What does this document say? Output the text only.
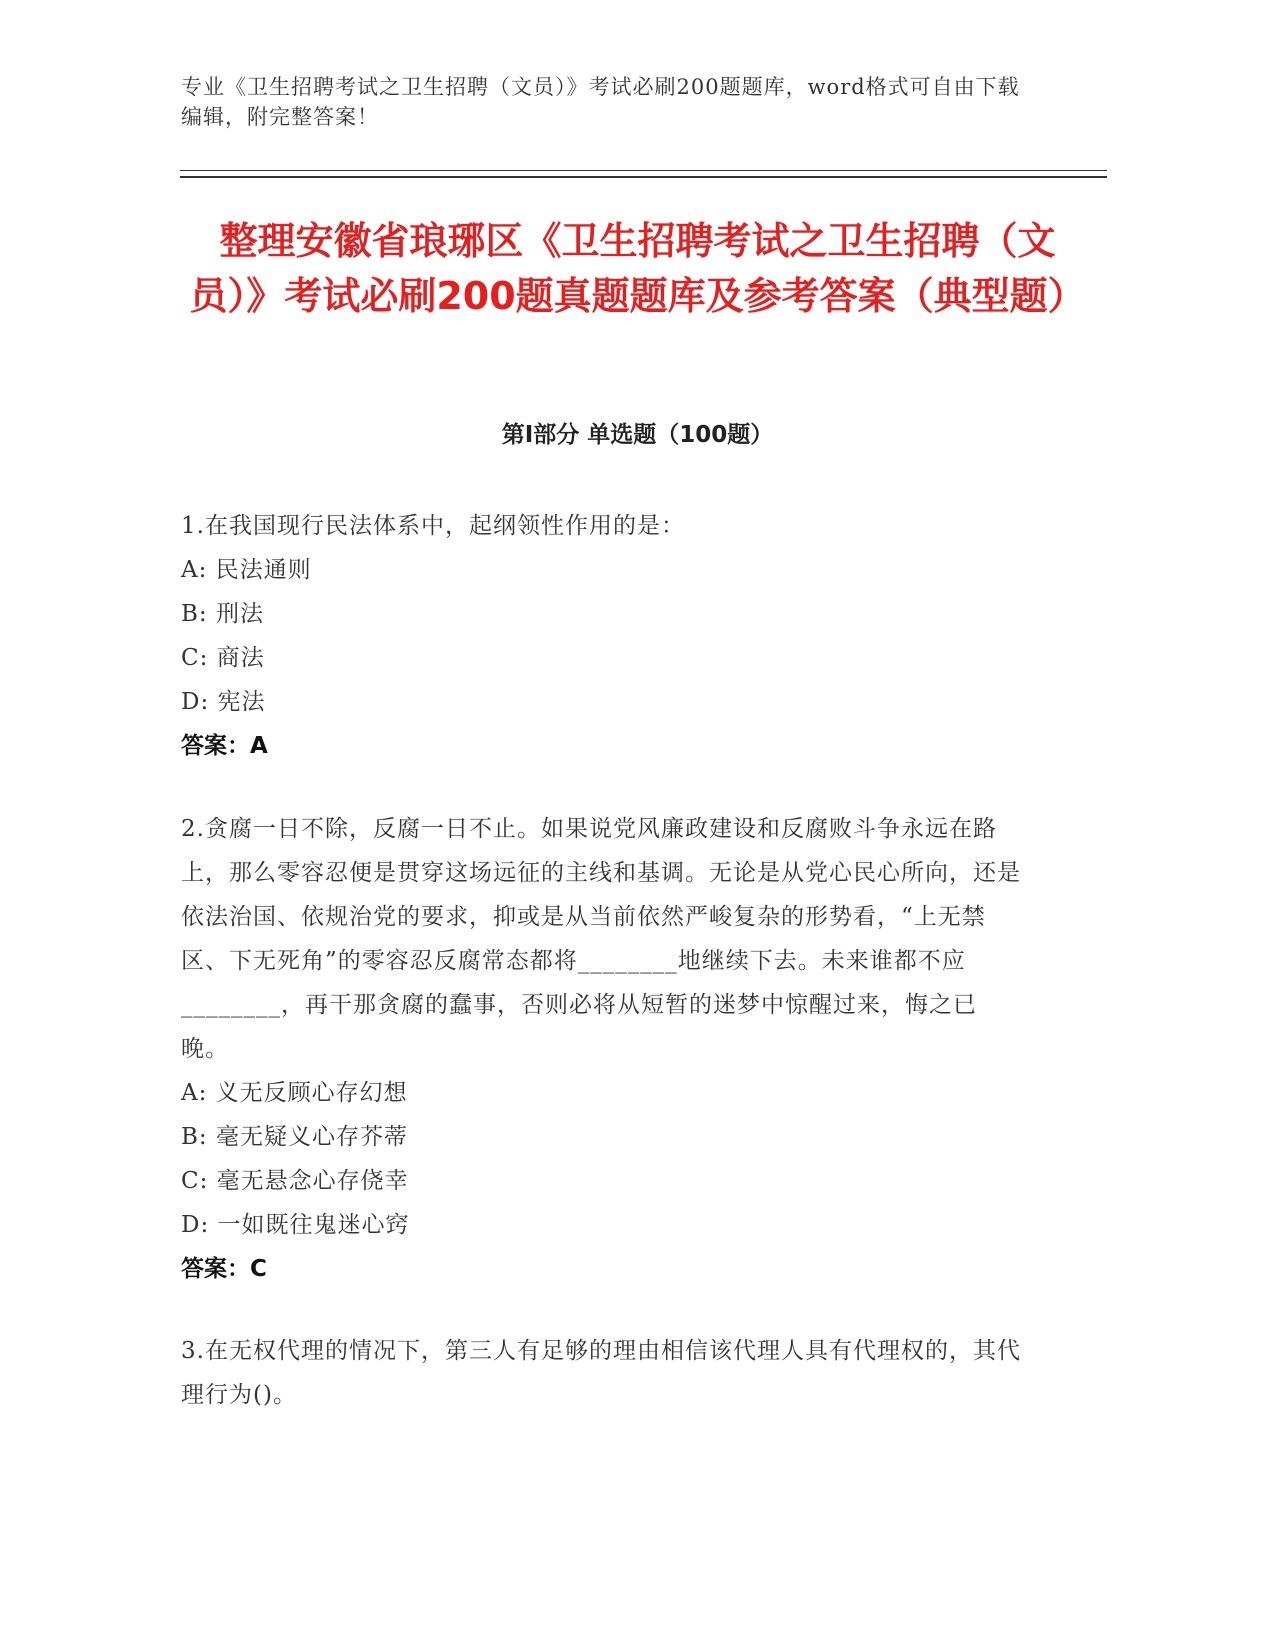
专业《卫生招聘考试之卫生招聘（文员）》考试必刷200题题库，word格式可自由下载编辑，附完整答案！
整理安徽省琅琊区《卫生招聘考试之卫生招聘（文员）》考试必刷200题真题题库及参考答案（典型题）
第I部分 单选题（100题）

1.在我国现行民法体系中，起纲领性作用的是：

A: 民法通则

B: 刑法

C: 商法

D: 宪法

答案：A

2.贪腐一日不除，反腐一日不止。如果说党风廉政建设和反腐败斗争永远在路上，那么零容忍便是贯穿这场远征的主线和基调。无论是从党心民心所向，还是依法治国、依规治党的要求，抑或是从当前依然严峻复杂的形势看，“上无禁区、下无死角”的零容忍反腐常态都将________地继续下去。未来谁都不应________，再干那贪腐的蠢事，否则必将从短暂的迷梦中惊醒过来，悔之已晚。

A: 义无反顾心存幻想

B: 毫无疑义心存芥蒂

C: 毫无悬念心存侥幸

D: 一如既往鬼迷心窍

答案：C

3.在无权代理的情况下，第三人有足够的理由相信该代理人具有代理权的，其代理行为()。
